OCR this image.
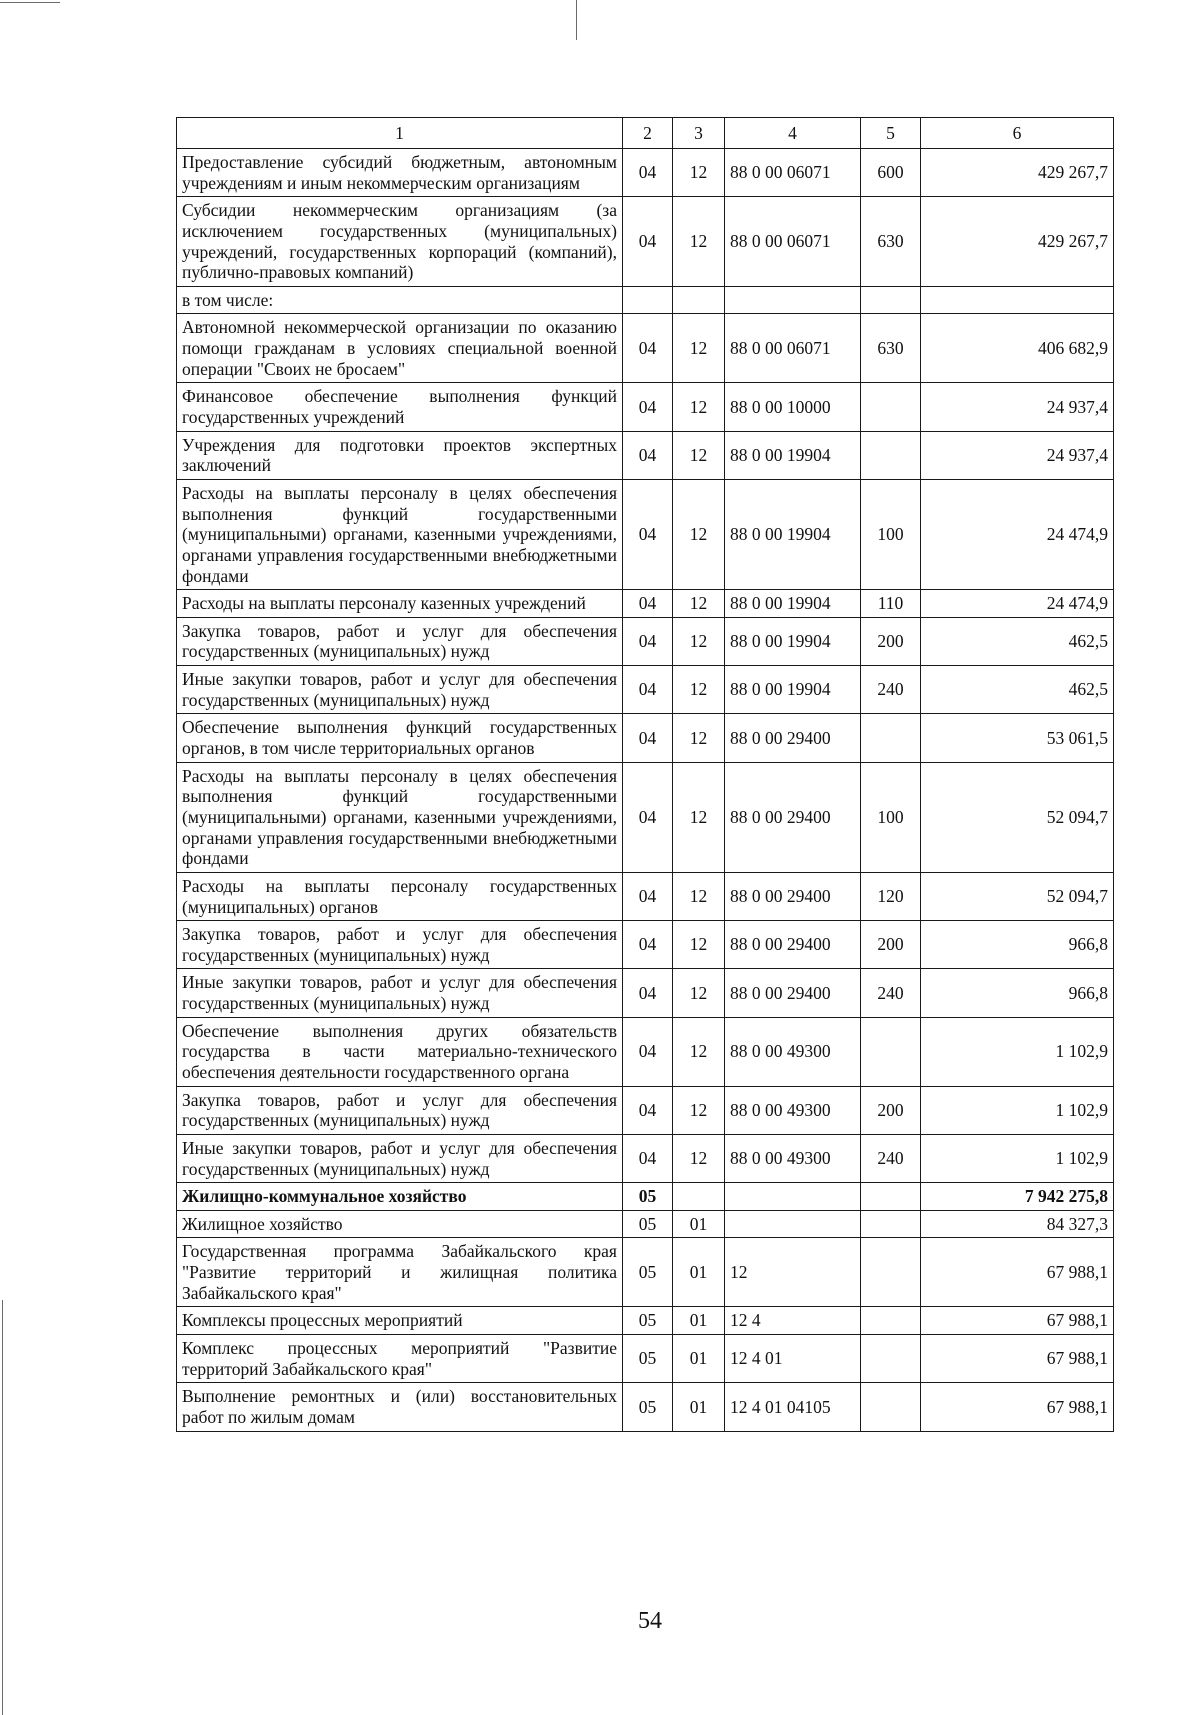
1	2	3	4	5	6
Предоставление субсидий бюджетным, автономным учреждениям и иным некоммерческим организациям	04	12	88 0 00 06071	600	429 267,7
Субсидии некоммерческим организациям (за исключением государственных (муниципальных) учреждений, государственных корпораций (компаний), публично-правовых компаний)	04	12	88 0 00 06071	630	429 267,7
в том числе:					
Автономной некоммерческой организации по оказанию помощи гражданам в условиях специальной военной операции "Своих не бросаем"	04	12	88 0 00 06071	630	406 682,9
Финансовое обеспечение выполнения функций государственных учреждений	04	12	88 0 00 10000		24 937,4
Учреждения для подготовки проектов экспертных заключений	04	12	88 0 00 19904		24 937,4
Расходы на выплаты персоналу в целях обеспечения выполнения функций государственными (муниципальными) органами, казенными учреждениями, органами управления государственными внебюджетными фондами	04	12	88 0 00 19904	100	24 474,9
Расходы на выплаты персоналу казенных учреждений	04	12	88 0 00 19904	110	24 474,9
Закупка товаров, работ и услуг для обеспечения государственных (муниципальных) нужд	04	12	88 0 00 19904	200	462,5
Иные закупки товаров, работ и услуг для обеспечения государственных (муниципальных) нужд	04	12	88 0 00 19904	240	462,5
Обеспечение выполнения функций государственных органов, в том числе территориальных органов	04	12	88 0 00 29400		53 061,5
Расходы на выплаты персоналу в целях обеспечения выполнения функций государственными (муниципальными) органами, казенными учреждениями, органами управления государственными внебюджетными фондами	04	12	88 0 00 29400	100	52 094,7
Расходы на выплаты персоналу государственных (муниципальных) органов	04	12	88 0 00 29400	120	52 094,7
Закупка товаров, работ и услуг для обеспечения государственных (муниципальных) нужд	04	12	88 0 00 29400	200	966,8
Иные закупки товаров, работ и услуг для обеспечения государственных (муниципальных) нужд	04	12	88 0 00 29400	240	966,8
Обеспечение выполнения других обязательств государства в части материально-технического обеспечения деятельности государственного органа	04	12	88 0 00 49300		1 102,9
Закупка товаров, работ и услуг для обеспечения государственных (муниципальных) нужд	04	12	88 0 00 49300	200	1 102,9
Иные закупки товаров, работ и услуг для обеспечения государственных (муниципальных) нужд	04	12	88 0 00 49300	240	1 102,9
Жилищно-коммунальное хозяйство	05				7 942 275,8
Жилищное хозяйство	05	01			84 327,3
Государственная программа Забайкальского края "Развитие территорий и жилищная политика Забайкальского края"	05	01	12		67 988,1
Комплексы процессных мероприятий	05	01	12 4		67 988,1
Комплекс процессных мероприятий "Развитие территорий Забайкальского края"	05	01	12 4 01		67 988,1
Выполнение ремонтных и (или) восстановительных работ по жилым домам	05	01	12 4 01 04105		67 988,1
54
